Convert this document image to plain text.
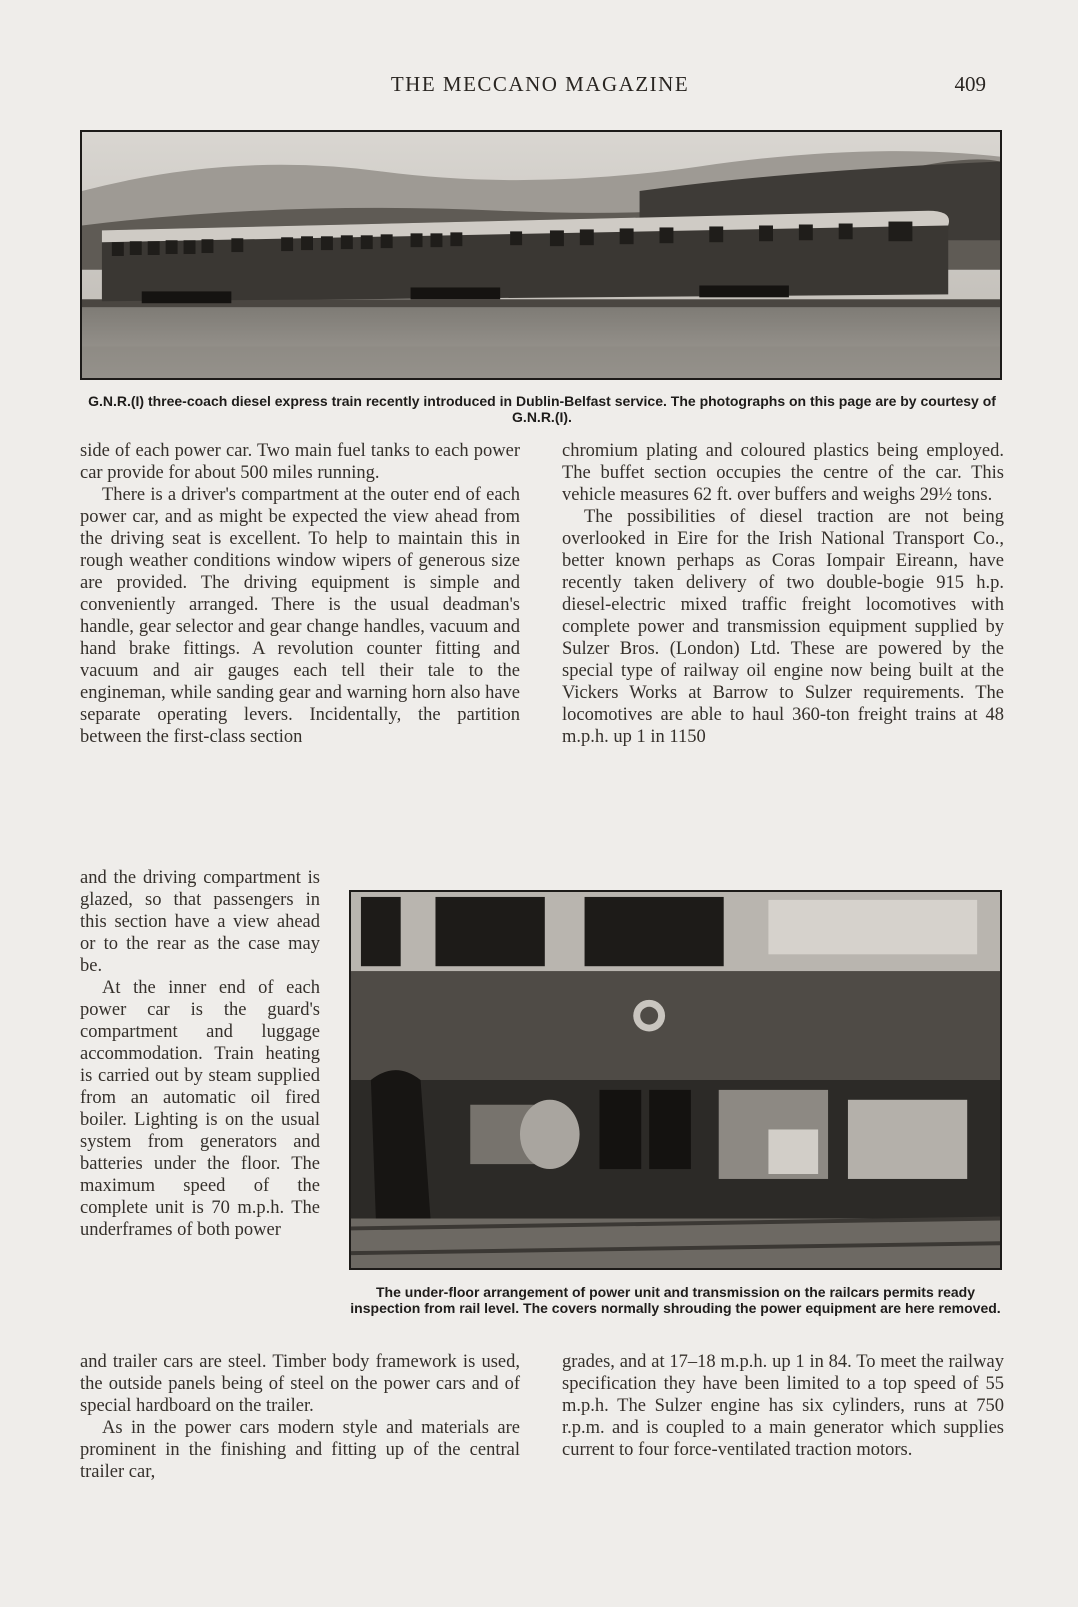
THE MECCANO MAGAZINE	409
G.N.R.(I) three-coach diesel express train recently introduced in Dublin-Belfast service. The photographs on this page are by courtesy of G.N.R.(I).

side of each power car. Two main fuel tanks to each power car provide for about 500 miles running.

There is a driver's compartment at the outer end of each power car, and as might be expected the view ahead from the driving seat is excellent. To help to maintain this in rough weather conditions window wipers of generous size are provided. The driving equipment is simple and conveniently arranged. There is the usual deadman's handle, gear selector and gear change handles, vacuum and hand brake fittings. A revolution counter fitting and vacuum and air gauges each tell their tale to the engineman, while sanding gear and warning horn also have separate operating levers. Incidentally, the partition between the first-class section

and the driving compartment is glazed, so that passengers in this section have a view ahead or to the rear as the case may be.

At the inner end of each power car is the guard's compartment and luggage accommodation. Train heating is carried out by steam supplied from an automatic oil fired boiler. Lighting is on the usual system from generators and batteries under the floor. The maximum speed of the complete unit is 70 m.p.h. The underframes of both power

chromium plating and coloured plastics being employed. The buffet section occupies the centre of the car. This vehicle measures 62 ft. over buffers and weighs 29½ tons.

The possibilities of diesel traction are not being overlooked in Eire for the Irish National Transport Co., better known perhaps as Coras Iompair Eireann, have recently taken delivery of two double-bogie 915 h.p. diesel-electric mixed traffic freight locomotives with complete power and transmission equipment supplied by Sulzer Bros. (London) Ltd. These are powered by the special type of railway oil engine now being built at the Vickers Works at Barrow to Sulzer requirements. The locomotives are able to haul 360-ton freight trains at 48 m.p.h. up 1 in 1150

The under-floor arrangement of power unit and transmission on the railcars permits ready inspection from rail level. The covers normally shrouding the power equipment are here removed.

and trailer cars are steel. Timber body framework is used, the outside panels being of steel on the power cars and of special hardboard on the trailer.

As in the power cars modern style and materials are prominent in the finishing and fitting up of the central trailer car,

grades, and at 17–18 m.p.h. up 1 in 84. To meet the railway specification they have been limited to a top speed of 55 m.p.h. The Sulzer engine has six cylinders, runs at 750 r.p.m. and is coupled to a main generator which supplies current to four force-ventilated traction motors.
